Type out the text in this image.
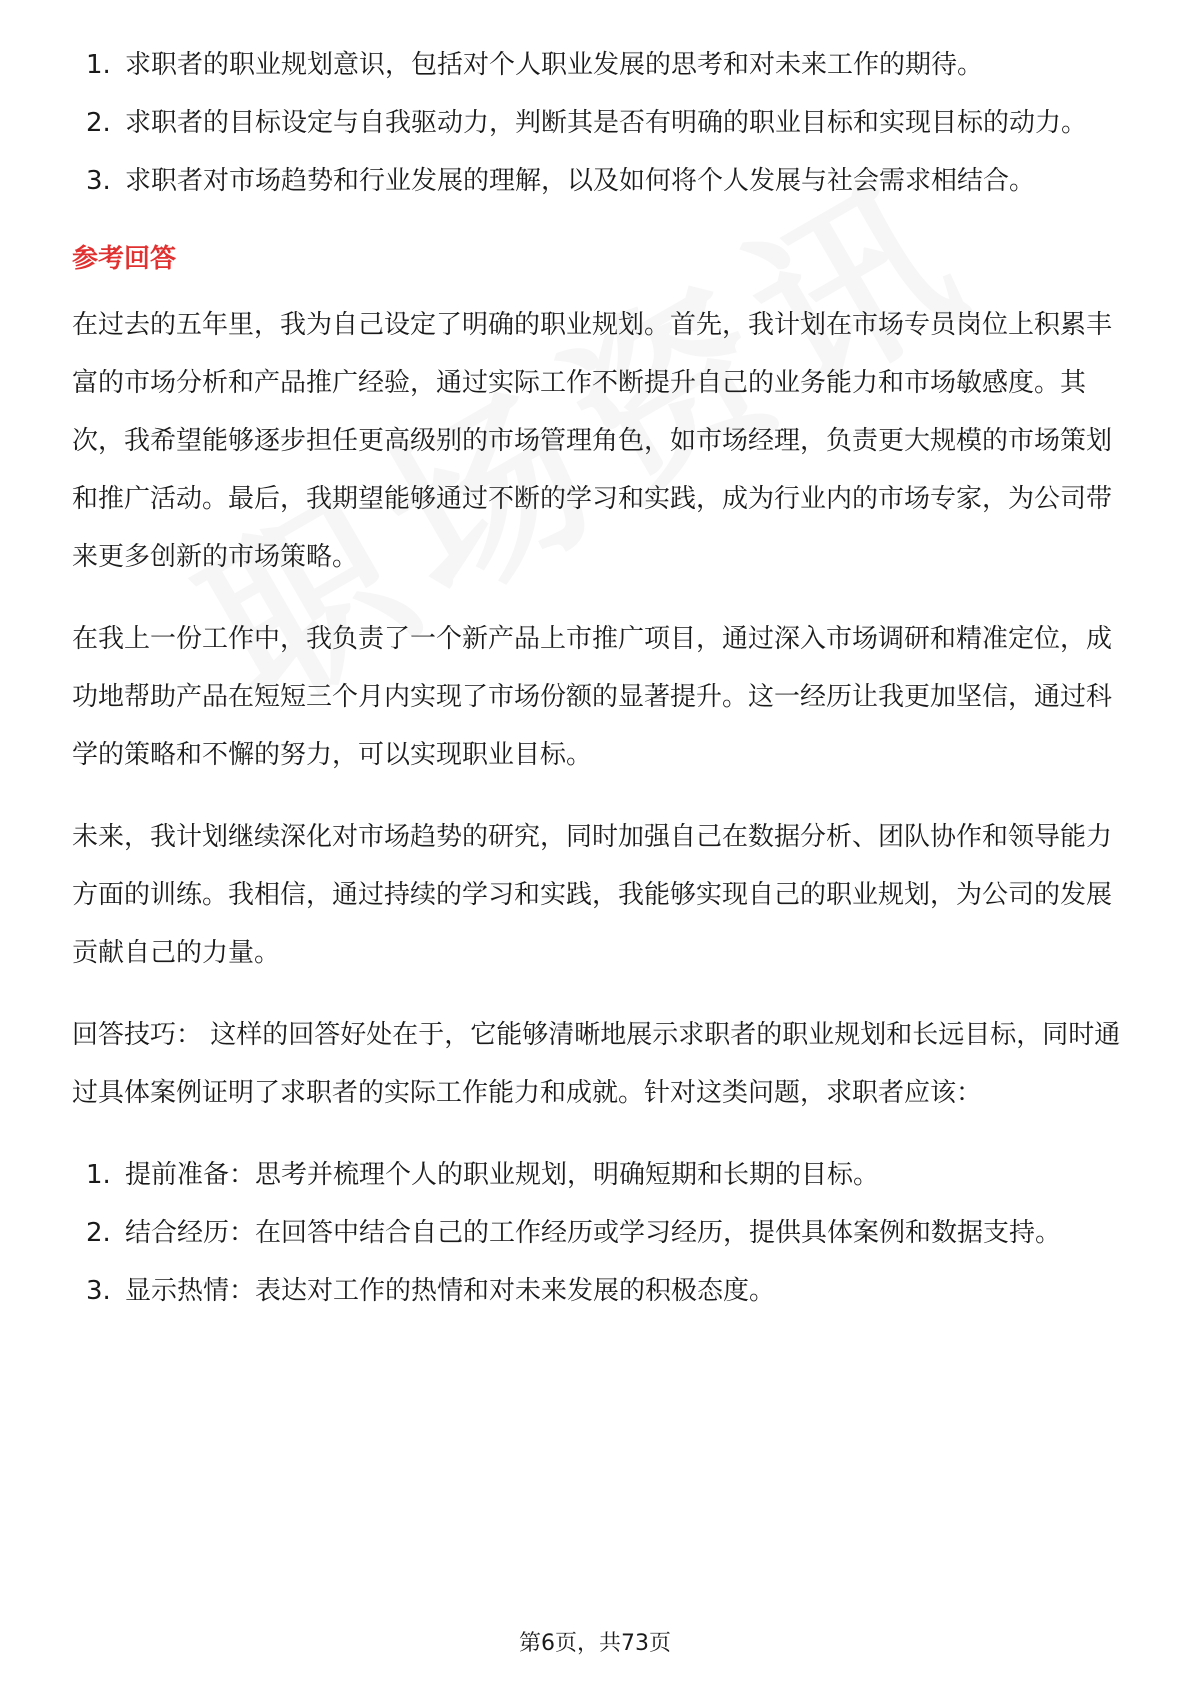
1. 求职者的职业规划意识，包括对个人职业发展的思考和对未来工作的期待。
2. 求职者的目标设定与自我驱动力，判断其是否有明确的职业目标和实现目标的动力。
3. 求职者对市场趋势和行业发展的理解，以及如何将个人发展与社会需求相结合。
参考回答

在过去的五年里，我为自己设定了明确的职业规划。首先，我计划在市场专员岗位上积累丰富的市场分析和产品推广经验，通过实际工作不断提升自己的业务能力和市场敏感度。其次，我希望能够逐步担任更高级别的市场管理角色，如市场经理，负责更大规模的市场策划和推广活动。最后，我期望能够通过不断的学习和实践，成为行业内的市场专家，为公司带来更多创新的市场策略。

在我上一份工作中，我负责了一个新产品上市推广项目，通过深入市场调研和精准定位，成功地帮助产品在短短三个月内实现了市场份额的显著提升。这一经历让我更加坚信，通过科学的策略和不懈的努力，可以实现职业目标。

未来，我计划继续深化对市场趋势的研究，同时加强自己在数据分析、团队协作和领导能力方面的训练。我相信，通过持续的学习和实践，我能够实现自己的职业规划，为公司的发展贡献自己的力量。

回答技巧： 这样的回答好处在于，它能够清晰地展示求职者的职业规划和长远目标，同时通过具体案例证明了求职者的实际工作能力和成就。针对这类问题，求职者应该：

1. 提前准备：思考并梳理个人的职业规划，明确短期和长期的目标。
2. 结合经历：在回答中结合自己的工作经历或学习经历，提供具体案例和数据支持。
3. 显示热情：表达对工作的热情和对未来发展的积极态度。
第6页，共73页
